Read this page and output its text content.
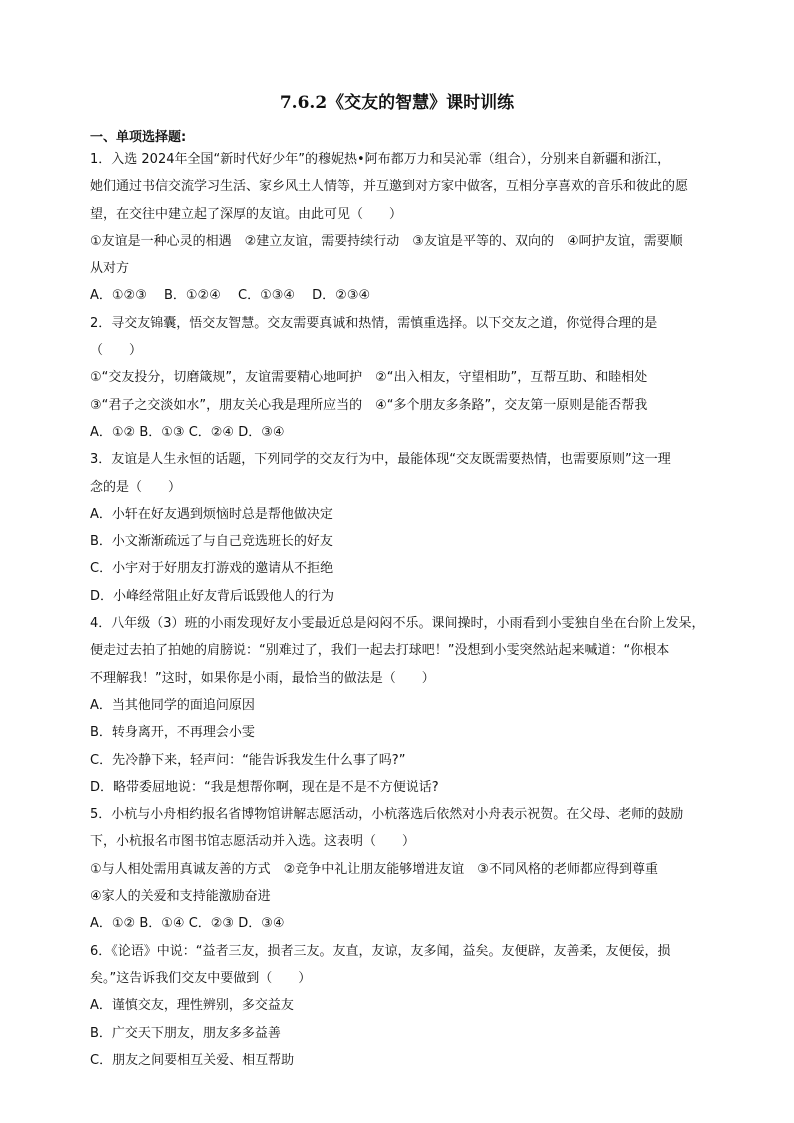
7.6.2《交友的智慧》课时训练
一、单项选择题:
1．入选 2024年全国“新时代好少年”的穆妮热•阿布都万力和吴沁霏（组合），分别来自新疆和浙江，
她们通过书信交流学习生活、家乡风土人情等，并互邀到对方家中做客，互相分享喜欢的音乐和彼此的愿
望，在交往中建立起了深厚的友谊。由此可见（　　）
①友谊是一种心灵的相遇　②建立友谊，需要持续行动　③友谊是平等的、双向的　④呵护友谊，需要顺
从对方
A．①②③　 B．①②④　 C．①③④　 D．②③④
2．寻交友锦囊，悟交友智慧。交友需要真诚和热情，需慎重选择。以下交友之道，你觉得合理的是
（　　）
①“交友投分，切磨箴规”，友谊需要精心地呵护　②“出入相友，守望相助”，互帮互助、和睦相处
③“君子之交淡如水”，朋友关心我是理所应当的　④“多个朋友多条路”，交友第一原则是能否帮我
A．①② B．①③ C．②④ D．③④
3．友谊是人生永恒的话题，下列同学的交友行为中，最能体现“交友既需要热情，也需要原则”这一理
念的是（　　）
A．小轩在好友遇到烦恼时总是帮他做决定
B．小文渐渐疏远了与自己竞选班长的好友
C．小宇对于好朋友打游戏的邀请从不拒绝
D．小峰经常阻止好友背后诋毁他人的行为
4．八年级（3）班的小雨发现好友小雯最近总是闷闷不乐。课间操时，小雨看到小雯独自坐在台阶上发呆，
便走过去拍了拍她的肩膀说：“别难过了，我们一起去打球吧！”没想到小雯突然站起来喊道：“你根本
不理解我！”这时，如果你是小雨，最恰当的做法是（　　）
A．当其他同学的面追问原因
B．转身离开，不再理会小雯
C．先冷静下来，轻声问：“能告诉我发生什么事了吗?”
D．略带委屈地说：“我是想帮你啊，现在是不是不方便说话?
5．小杭与小舟相约报名省博物馆讲解志愿活动，小杭落选后依然对小舟表示祝贺。在父母、老师的鼓励
下，小杭报名市图书馆志愿活动并入选。这表明（　　）
①与人相处需用真诚友善的方式　②竞争中礼让朋友能够增进友谊　③不同风格的老师都应得到尊重
④家人的关爱和支持能激励奋进
A．①② B．①④ C．②③ D．③④
6．《论语》中说：“益者三友，损者三友。友直，友谅，友多闻，益矣。友便辟，友善柔，友便佞，损
矣。”这告诉我们交友中要做到（　　）
A．谨慎交友，理性辨别，多交益友
B．广交天下朋友，朋友多多益善
C．朋友之间要相互关爱、相互帮助
